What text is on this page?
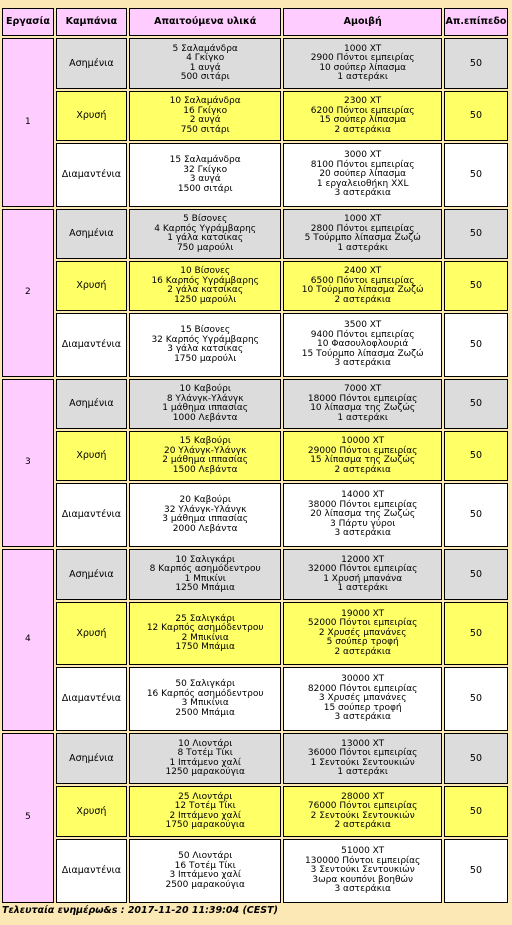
Εργασία	Καμπάνια	Απαιτούμενα υλικά	Αμοιβή	Απ.επίπεδο
1	Ασημένια	5 Σαλαμάνδρα
4 Γκίγκο
1 αυγά
500 σιτάρι	1000 XT
2900 Πόντοι εμπειρίας
10 σούπερ λίπασμα
1 αστεράκι	50
	Χρυσή	10 Σαλαμάνδρα
16 Γκίγκο
2 αυγά
750 σιτάρι	2300 XT
6200 Πόντοι εμπειρίας
15 σούπερ λίπασμα
2 αστεράκια	50
	Διαμαντένια	15 Σαλαμάνδρα
32 Γκίγκο
3 αυγά
1500 σιτάρι	3000 XT
8100 Πόντοι εμπειρίας
20 σούπερ λίπασμα
1 εργαλειοθήκη XXL
3 αστεράκια	50
2	Ασημένια	5 Βίσονες
4 Καρπός Υγράμβαρης
1 γάλα κατσίκας
750 μαρούλι	1000 XT
2800 Πόντοι εμπειρίας
5 Τούρμπο λίπασμα Ζωζώ
1 αστεράκι	50
	Χρυσή	10 Βίσονες
16 Καρπός Υγράμβαρης
2 γάλα κατσίκας
1250 μαρούλι	2400 XT
6500 Πόντοι εμπειρίας
10 Τούρμπο λίπασμα Ζωζώ
2 αστεράκια	50
	Διαμαντένια	15 Βίσονες
32 Καρπός Υγράμβαρης
3 γάλα κατσίκας
1750 μαρούλι	3500 XT
9400 Πόντοι εμπειρίας
10 Φασουλοφλουριά
15 Τούρμπο λίπασμα Ζωζώ
3 αστεράκια	50
3	Ασημένια	10 Καβούρι
8 Υλάνγκ-Υλάνγκ
1 μάθημα ιππασίας
1000 Λεβάντα	7000 XT
18000 Πόντοι εμπειρίας
10 λίπασμα της Ζωζώς
1 αστεράκι	50
	Χρυσή	15 Καβούρι
20 Υλάνγκ-Υλάνγκ
2 μάθημα ιππασίας
1500 Λεβάντα	10000 XT
29000 Πόντοι εμπειρίας
15 λίπασμα της Ζωζώς
2 αστεράκια	50
	Διαμαντένια	20 Καβούρι
32 Υλάνγκ-Υλάνγκ
3 μάθημα ιππασίας
2000 Λεβάντα	14000 XT
38000 Πόντοι εμπειρίας
20 λίπασμα της Ζωζώς
3 Πάρτυ γύροι
3 αστεράκια	50
4	Ασημένια	10 Σαλιγκάρι
8 Καρπός ασημόδεντρου
1 Μπικίνι
1250 Μπάμια	12000 XT
32000 Πόντοι εμπειρίας
1 Χρυσή μπανάνα
1 αστεράκι	50
	Χρυσή	25 Σαλιγκάρι
12 Καρπός ασημόδεντρου
2 Μπικίνια
1750 Μπάμια	19000 XT
52000 Πόντοι εμπειρίας
2 Χρυσές μπανάνες
5 σούπερ τροφή
2 αστεράκια	50
	Διαμαντένια	50 Σαλιγκάρι
16 Καρπός ασημόδεντρου
3 Μπικίνια
2500 Μπάμια	30000 XT
82000 Πόντοι εμπειρίας
3 Χρυσές μπανάνες
15 σούπερ τροφή
3 αστεράκια	50
5	Ασημένια	10 Λιοντάρι
8 Τοτέμ Τίκι
1 Ιπτάμενο χαλί
1250 μαρακούγια	13000 XT
36000 Πόντοι εμπειρίας
1 Σεντούκι Σεντουκιών
1 αστεράκι	50
	Χρυσή	25 Λιοντάρι
12 Τοτέμ Τίκι
2 Ιπτάμενο χαλί
1750 μαρακούγια	28000 XT
76000 Πόντοι εμπειρίας
2 Σεντούκι Σεντουκιών
2 αστεράκια	50
	Διαμαντένια	50 Λιοντάρι
16 Τοτέμ Τίκι
3 Ιπτάμενο χαλί
2500 μαρακούγια	51000 XT
130000 Πόντοι εμπειρίας
3 Σεντούκι Σεντουκιών
3ωρα κουπόνι βοηθών
3 αστεράκια	50
Τελευταία ενημέρω&s : 2017-11-20 11:39:04 (CEST)
